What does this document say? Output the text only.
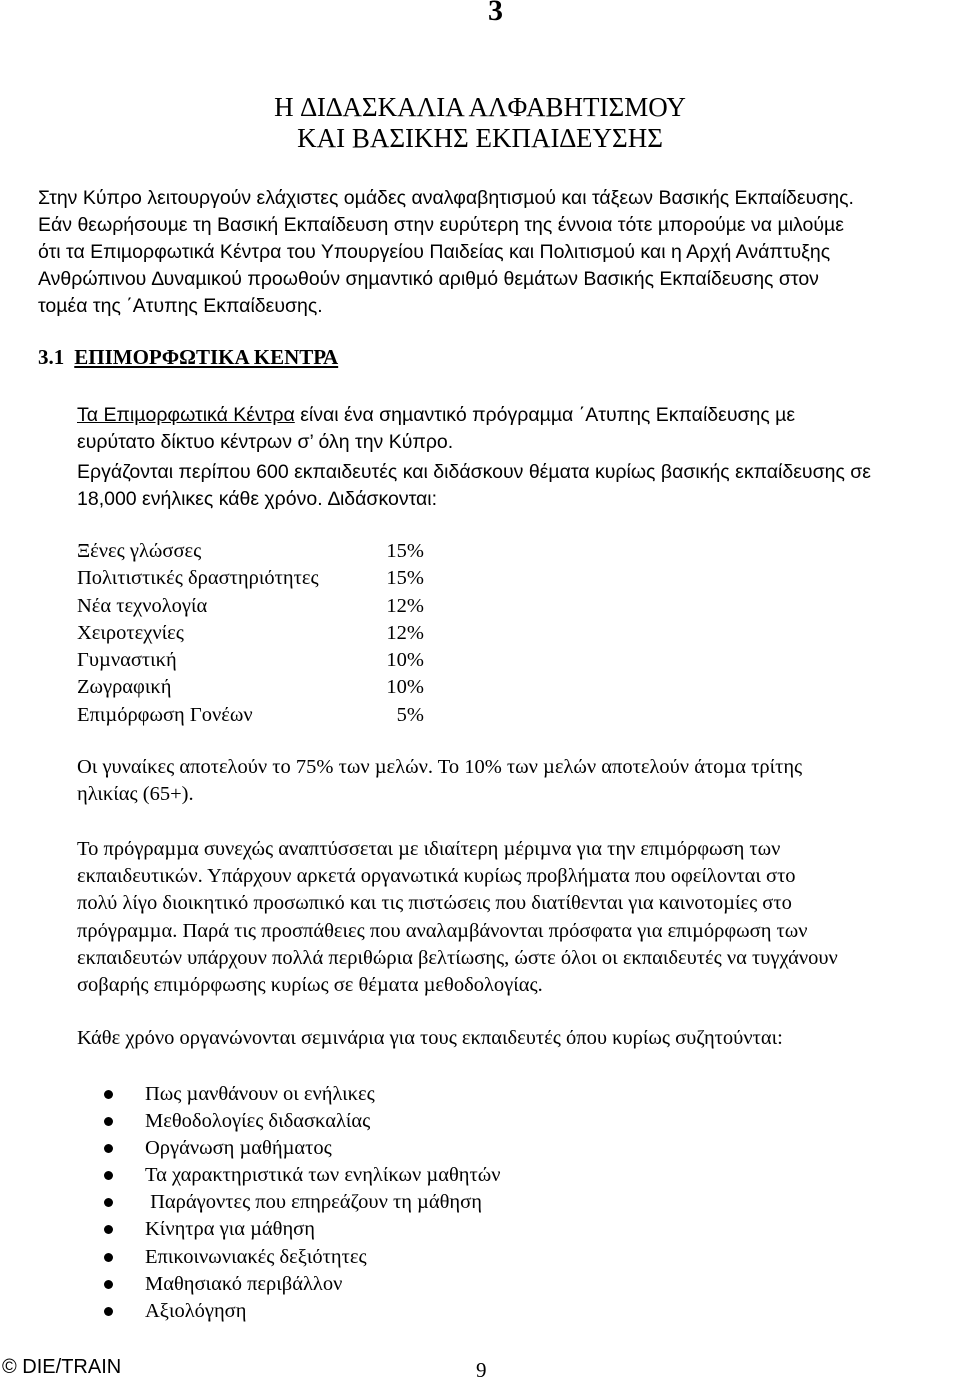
3
Η ∆Ι∆ΑΣΚΑΛΙΑ ΑΛΦΑΒΗΤΙΣΜΟΥ
ΚΑΙ ΒΑΣΙΚΗΣ ΕΚΠΑΙ∆ΕΥΣΗΣ
Στην Κύπρο λειτουργούν ελάχιστες οµάδες αναλφαβητισµού και τάξεων Βασικής Εκπαίδευσης.
Εάν θεωρήσουµε τη Βασική Εκπαίδευση στην ευρύτερη της έννοια τότε µπορούµε να µιλούµε
ότι τα Επιµορφωτικά Κέντρα του Υπουργείου Παιδείας και Πολιτισµού και η Αρχή Ανάπτυξης
Ανθρώπινου ∆υναµικού προωθούν σηµαντικό αριθµό θεµάτων Βασικής Εκπαίδευσης στον
τοµέα της ΄Ατυπης Εκπαίδευσης.
3.1 ΕΠΙΜΟΡΦΩΤΙΚΑ ΚΕΝΤΡΑ
Τα Επιµορφωτικά Κέντρα είναι ένα σηµαντικό πρόγραµµα ΄Ατυπης Εκπαίδευσης µε
ευρύτατο δίκτυο κέντρων σ’ όλη την Κύπρο.
Εργάζονται περίπου 600 εκπαιδευτές και διδάσκουν θέµατα κυρίως βασικής εκπαίδευσης σε
18,000 ενήλικες κάθε χρόνο. ∆ιδάσκονται:
Ξένες γλώσσες	15%
Πολιτιστικές δραστηριότητες	15%
Νέα τεχνολογία	12%
Χειροτεχνίες	12%
Γυµναστική	10%
Ζωγραφική	10%
Επιµόρφωση Γονέων	5%
Οι γυναίκες αποτελούν το 75% των µελών. Το 10% των µελών αποτελούν άτοµα τρίτης
ηλικίας (65+).
Το πρόγραµµα συνεχώς αναπτύσσεται µε ιδιαίτερη µέριµνα για την επιµόρφωση των
εκπαιδευτικών. Υπάρχουν αρκετά οργανωτικά κυρίως προβλήµατα που οφείλονται στο
πολύ λίγο διοικητικό προσωπικό και τις πιστώσεις που διατίθενται για καινοτοµίες στο
πρόγραµµα. Παρά τις προσπάθειες που αναλαµβάνονται πρόσφατα για επιµόρφωση των
εκπαιδευτών υπάρχουν πολλά περιθώρια βελτίωσης, ώστε όλοι οι εκπαιδευτές να τυγχάνουν
σοβαρής επιµόρφωσης κυρίως σε θέµατα µεθοδολογίας.
Κάθε χρόνο οργανώνονται σεµινάρια για τους εκπαιδευτές όπου κυρίως συζητούνται:
Πως µανθάνουν οι ενήλικες
Μεθοδολογίες διδασκαλίας
Οργάνωση µαθήµατος
Τα χαρακτηριστικά των ενηλίκων µαθητών
Παράγοντες που επηρεάζουν τη µάθηση
Κίνητρα για µάθηση
Επικοινωνιακές δεξιότητες
Μαθησιακό περιβάλλον
Αξιολόγηση
© DIE/TRAIN	9
